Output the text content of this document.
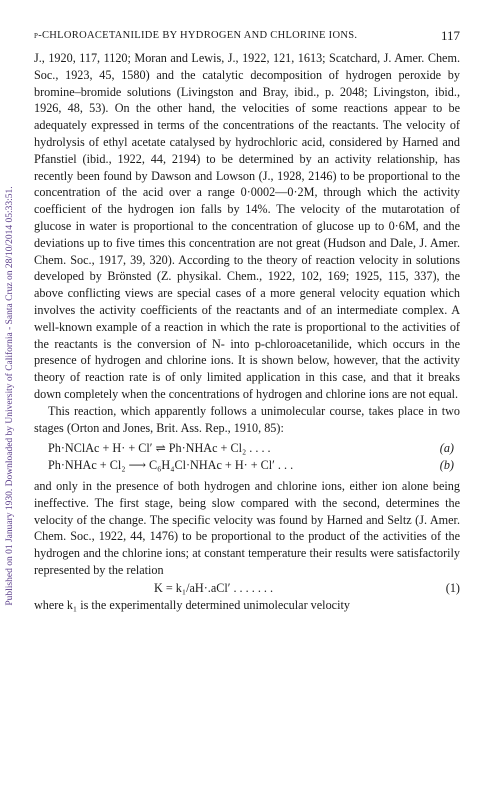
Published on 01 January 1930. Downloaded by University of California - Santa Cruz on 28/10/2014 05:33:51.
p-CHLOROACETANILIDE BY HYDROGEN AND CHLORINE IONS.	117

J., 1920, 117, 1120; Moran and Lewis, J., 1922, 121, 1613; Scatchard, J. Amer. Chem. Soc., 1923, 45, 1580) and the catalytic decomposition of hydrogen peroxide by bromine–bromide solutions (Livingston and Bray, ibid., p. 2048; Livingston, ibid., 1926, 48, 53). On the other hand, the velocities of some reactions appear to be adequately expressed in terms of the concentrations of the reactants. The velocity of hydrolysis of ethyl acetate catalysed by hydrochloric acid, considered by Harned and Pfanstiel (ibid., 1922, 44, 2194) to be determined by an activity relationship, has recently been found by Dawson and Lowson (J., 1928, 2146) to be proportional to the concentration of the acid over a range 0·0002—0·2M, through which the activity coefficient of the hydrogen ion falls by 14%. The velocity of the mutarotation of glucose in water is proportional to the concentration of glucose up to 0·6M, and the deviations up to five times this concentration are not great (Hudson and Dale, J. Amer. Chem. Soc., 1917, 39, 320). According to the theory of reaction velocity in solutions developed by Brönsted (Z. physikal. Chem., 1922, 102, 169; 1925, 115, 337), the above conflicting views are special cases of a more general velocity equation which involves the activity coefficients of the reactants and of an intermediate complex. A well-known example of a reaction in which the rate is proportional to the activities of the reactants is the conversion of N- into p-chloroacetanilide, which occurs in the presence of hydrogen and chlorine ions. It is shown below, however, that the activity theory of reaction rate is of only limited application in this case, and that it breaks down completely when the concentrations of hydrogen and chlorine ions are not equal.

This reaction, which apparently follows a unimolecular course, takes place in two stages (Orton and Jones, Brit. Ass. Rep., 1910, 85):

Ph·NClAc + H· + Cl′ ⇌ Ph·NHAc + Cl₂ . . . .	(a)
Ph·NHAc + Cl₂ ⟶ C₆H₄Cl·NHAc + H· + Cl′ . . .	(b)

and only in the presence of both hydrogen and chlorine ions, either ion alone being ineffective. The first stage, being slow compared with the second, determines the velocity of the change. The specific velocity was found by Harned and Seltz (J. Amer. Chem. Soc., 1922, 44, 1476) to be proportional to the product of the activities of the hydrogen and the chlorine ions; at constant temperature their results were satisfactorily represented by the relation

K = k₁/aH·.aCl′ . . . . . . .	(1)

where k₁ is the experimentally determined unimolecular velocity
